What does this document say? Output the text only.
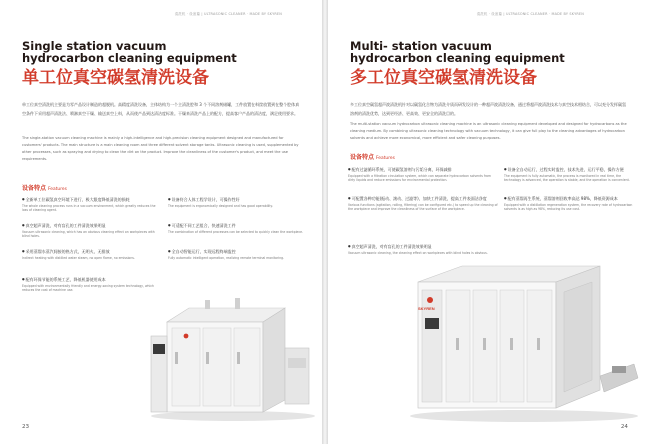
清洗机 · 设备篇 | ULTRASONIC CLEANER · MADE BY SKYREN
Single station vacuum
hydrocarbon cleaning equipment
单工位真空碳氢清洗设备
单工位真空清洗机主要是为零产品设计制造的超脱机。高精度清洗设备，主体结构为一个主清洗腔和 3 个不同溶剂储罐，工件放置在料筐放置到在整个腔体真空条件下采用超声清洗法、喷淋真空干燥、输送真空上料，从而使产品到达清洁度标准。干燥来清洗产品上的配方，提高客户产品的清洁度，满足使用要求。
The single-station vacuum cleaning machine is mainly a high-intelligence and high-precision cleaning equipment designed and manufactured for customers' products. The main structure is a main cleaning room and three different solvent storage tanks. Ultrasonic cleaning is used, supplemented by other processes, such as spraying and drying to clean the dirt on the product. Improve the cleanliness of the customer's product, and meet the use requirements.
设备特点 Features
● 全新单工位碳氢真空环境下进行，极大限度降低清洗的损耗
The whole cleaning process runs in a vacuum environment, which greatly reduces the loss of cleaning agent.
● 设备符合人体工程学设计，可操作性好
The equipment is ergonomically designed and has good operability.
● 真空超声清洗，对有盲孔的工件清洗效果明显
Vacuum ultrasonic cleaning, which has an obvious cleaning effect on workpieces with blind holes.
● 可适配不同工艺组合，快速清洗工件
The combination of different processes can be selected to quickly clean the workpiece.
● 采用蒸馏水蒸汽间接的热方式，无明火、无排放
Indirect heating with distilled water steam, no open flame, no emissions.
● 全自动智能运行，实现远程终端监控
Fully automatic intelligent operation, realizing remote terminal monitoring.
● 配有环保节能的系统工艺，降低机器使用成本
Equipped with environmentally friendly and energy-saving system technology, which reduces the cost of machine use.
23
清洗机 · 设备篇 | ULTRASONIC CLEANER · MADE BY SKYREN
Multi- station vacuum
hydrocarbon cleaning equipment
多工位真空碳氢清洗设备
多工位真空碳氢超声波清洗机针对以碳氢化合物为清洗介质而研发设计的一种超声波清洗设备，通过将超声波清洗技术与真空技术相结合，可以充分发挥碳氢溶剂的清洗优势，达到更经济、更高效、更安全的清洗目的。
The multi-station vacuum hydrocarbon ultrasonic cleaning machine is an ultrasonic cleaning equipment developed and designed for hydrocarbons as the cleaning medium. By combining ultrasonic cleaning technology with vacuum technology, it can give full play to the cleaning advantages of hydrocarbon solvents and achieve more economical, more efficient and safer cleaning purposes.
设备特点 Features
● 配有过滤循环系统，可使碳氢溶剂与污垢分离，环保减排
Equipped with a filtration circulation system, which can separate hydrocarbon solvents from dirty liquids and reduce emissions for environmental protection.
● 设备全自动运行，过程实时监控，技术先进，运行平稳，操作方便
The equipment is fully automatic, the process is monitored in real time, the technology is advanced, the operation is stable, and the operation is convenient.
● 可配置各种功能(振动、滚动、过滤等)，加快工件清洗，提高工件表面洁净度
Various functions (agitation, rolling, filtering) can be configured etc.) to speed up the cleaning of the workpiece and improve the cleanliness of the surface of the workpiece.
● 配有蒸馏再生系统，蒸馏溶剂回收率高达 98%，降低资源成本
Equipped with a distillation regeneration system, the recovery rate of hydrocarbon solvents is as high as 98%, reducing its use cost.
● 真空超声清洗，对有盲孔的工件清洗效果明显
Vacuum ultrasonic cleaning, the cleaning effect on workpieces with blind holes is obvious.
SKYREN
24
